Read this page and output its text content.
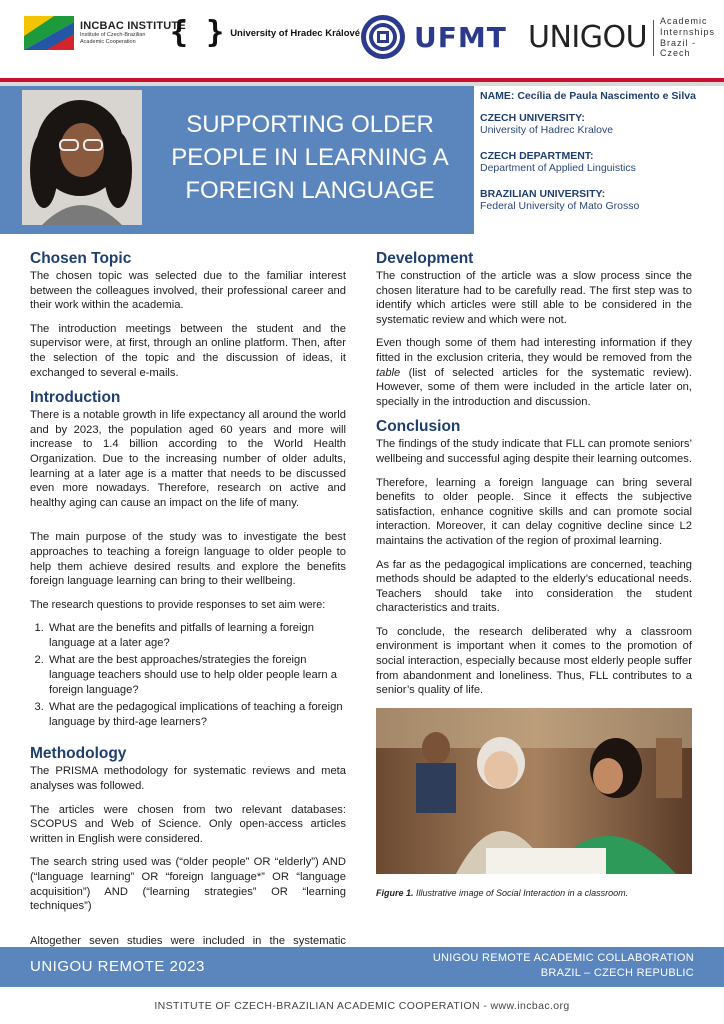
INCBAC INSTITUTE
Institute of Czech-Brazilian
Academic Cooperation	{ } University of Hradec Králové UFMT UNIGOU Academic
Internships
Brazil - Czech
SUPPORTING OLDER
PEOPLE IN LEARNING A
FOREIGN LANGUAGE
NAME: Cecília de Paula Nascimento e Silva
CZECH UNIVERSITY:
University of Hadrec Kralove
CZECH DEPARTMENT:
Department of Applied Linguistics
BRAZILIAN UNIVERSITY:
Federal University of Mato Grosso
Chosen Topic

The chosen topic was selected due to the familiar interest between the colleagues involved, their professional career and their work within the academia.

The introduction meetings between the student and the supervisor were, at first, through an online platform. Then, after the selection of the topic and the discussion of ideas, it exchanged to several e-mails.

Introduction

There is a notable growth in life expectancy all around the world and by 2023, the population aged 60 years and more will increase to 1.4 billion according to the World Health Organization. Due to the increasing number of older adults, learning at a later age is a matter that needs to be discussed even more nowadays. Therefore, research on active and healthy aging can cause an impact on the life of many.

The main purpose of the study was to investigate the best approaches to teaching a foreign language to older people to help them achieve desired results and explore the benefits foreign language learning can bring to their wellbeing.

The research questions to provide responses to set aim were:

1. What are the benefits and pitfalls of learning a foreign language at a later age?
2. What are the best approaches/strategies the foreign language teachers should use to help older people learn a foreign language?
3. What are the pedagogical implications of teaching a foreign language by third-age learners?
Methodology

The PRISMA methodology for systematic reviews and meta analyses was followed.

The articles were chosen from two relevant databases: SCOPUS and Web of Science. Only open-access articles written in English were considered.

The search string used was (“older people” OR “elderly”) AND (“language learning” OR “foreign language*” OR “language acquisition”) AND (“learning strategies” OR “learning techniques”)

Altogether seven studies were included in the systematic

Development

The construction of the article was a slow process since the chosen literature had to be carefully read. The first step was to identify which articles were still able to be considered in the systematic review and which were not.

Even though some of them had interesting information if they fitted in the exclusion criteria, they would be removed from the table (list of selected articles for the systematic review). However, some of them were included in the article later on, specially in the introduction and discussion.

Conclusion

The findings of the study indicate that FLL can promote seniors’ wellbeing and successful aging despite their learning outcomes.

Therefore, learning a foreign language can bring several benefits to older people. Since it effects the subjective satisfaction, enhance cognitive skills and can promote social interaction. Moreover, it can delay cognitive decline since L2 maintains the activation of the region of proximal learning.

As far as the pedagogical implications are concerned, teaching methods should be adapted to the elderly’s educational needs. Teachers should take into consideration the student characteristics and traits.

To conclude, the research deliberated why a classroom environment is important when it comes to the promotion of social interaction, especially because most elderly people suffer from abandonment and loneliness. Thus, FLL contributes to a senior’s quality of life.

Figure 1. Illustrative image of Social Interaction in a classroom.
UNIGOU REMOTE 2023	UNIGOU REMOTE ACADEMIC COLLABORATION
BRAZIL – CZECH REPUBLIC
INSTITUTE OF CZECH-BRAZILIAN ACADEMIC COOPERATION - www.incbac.org
